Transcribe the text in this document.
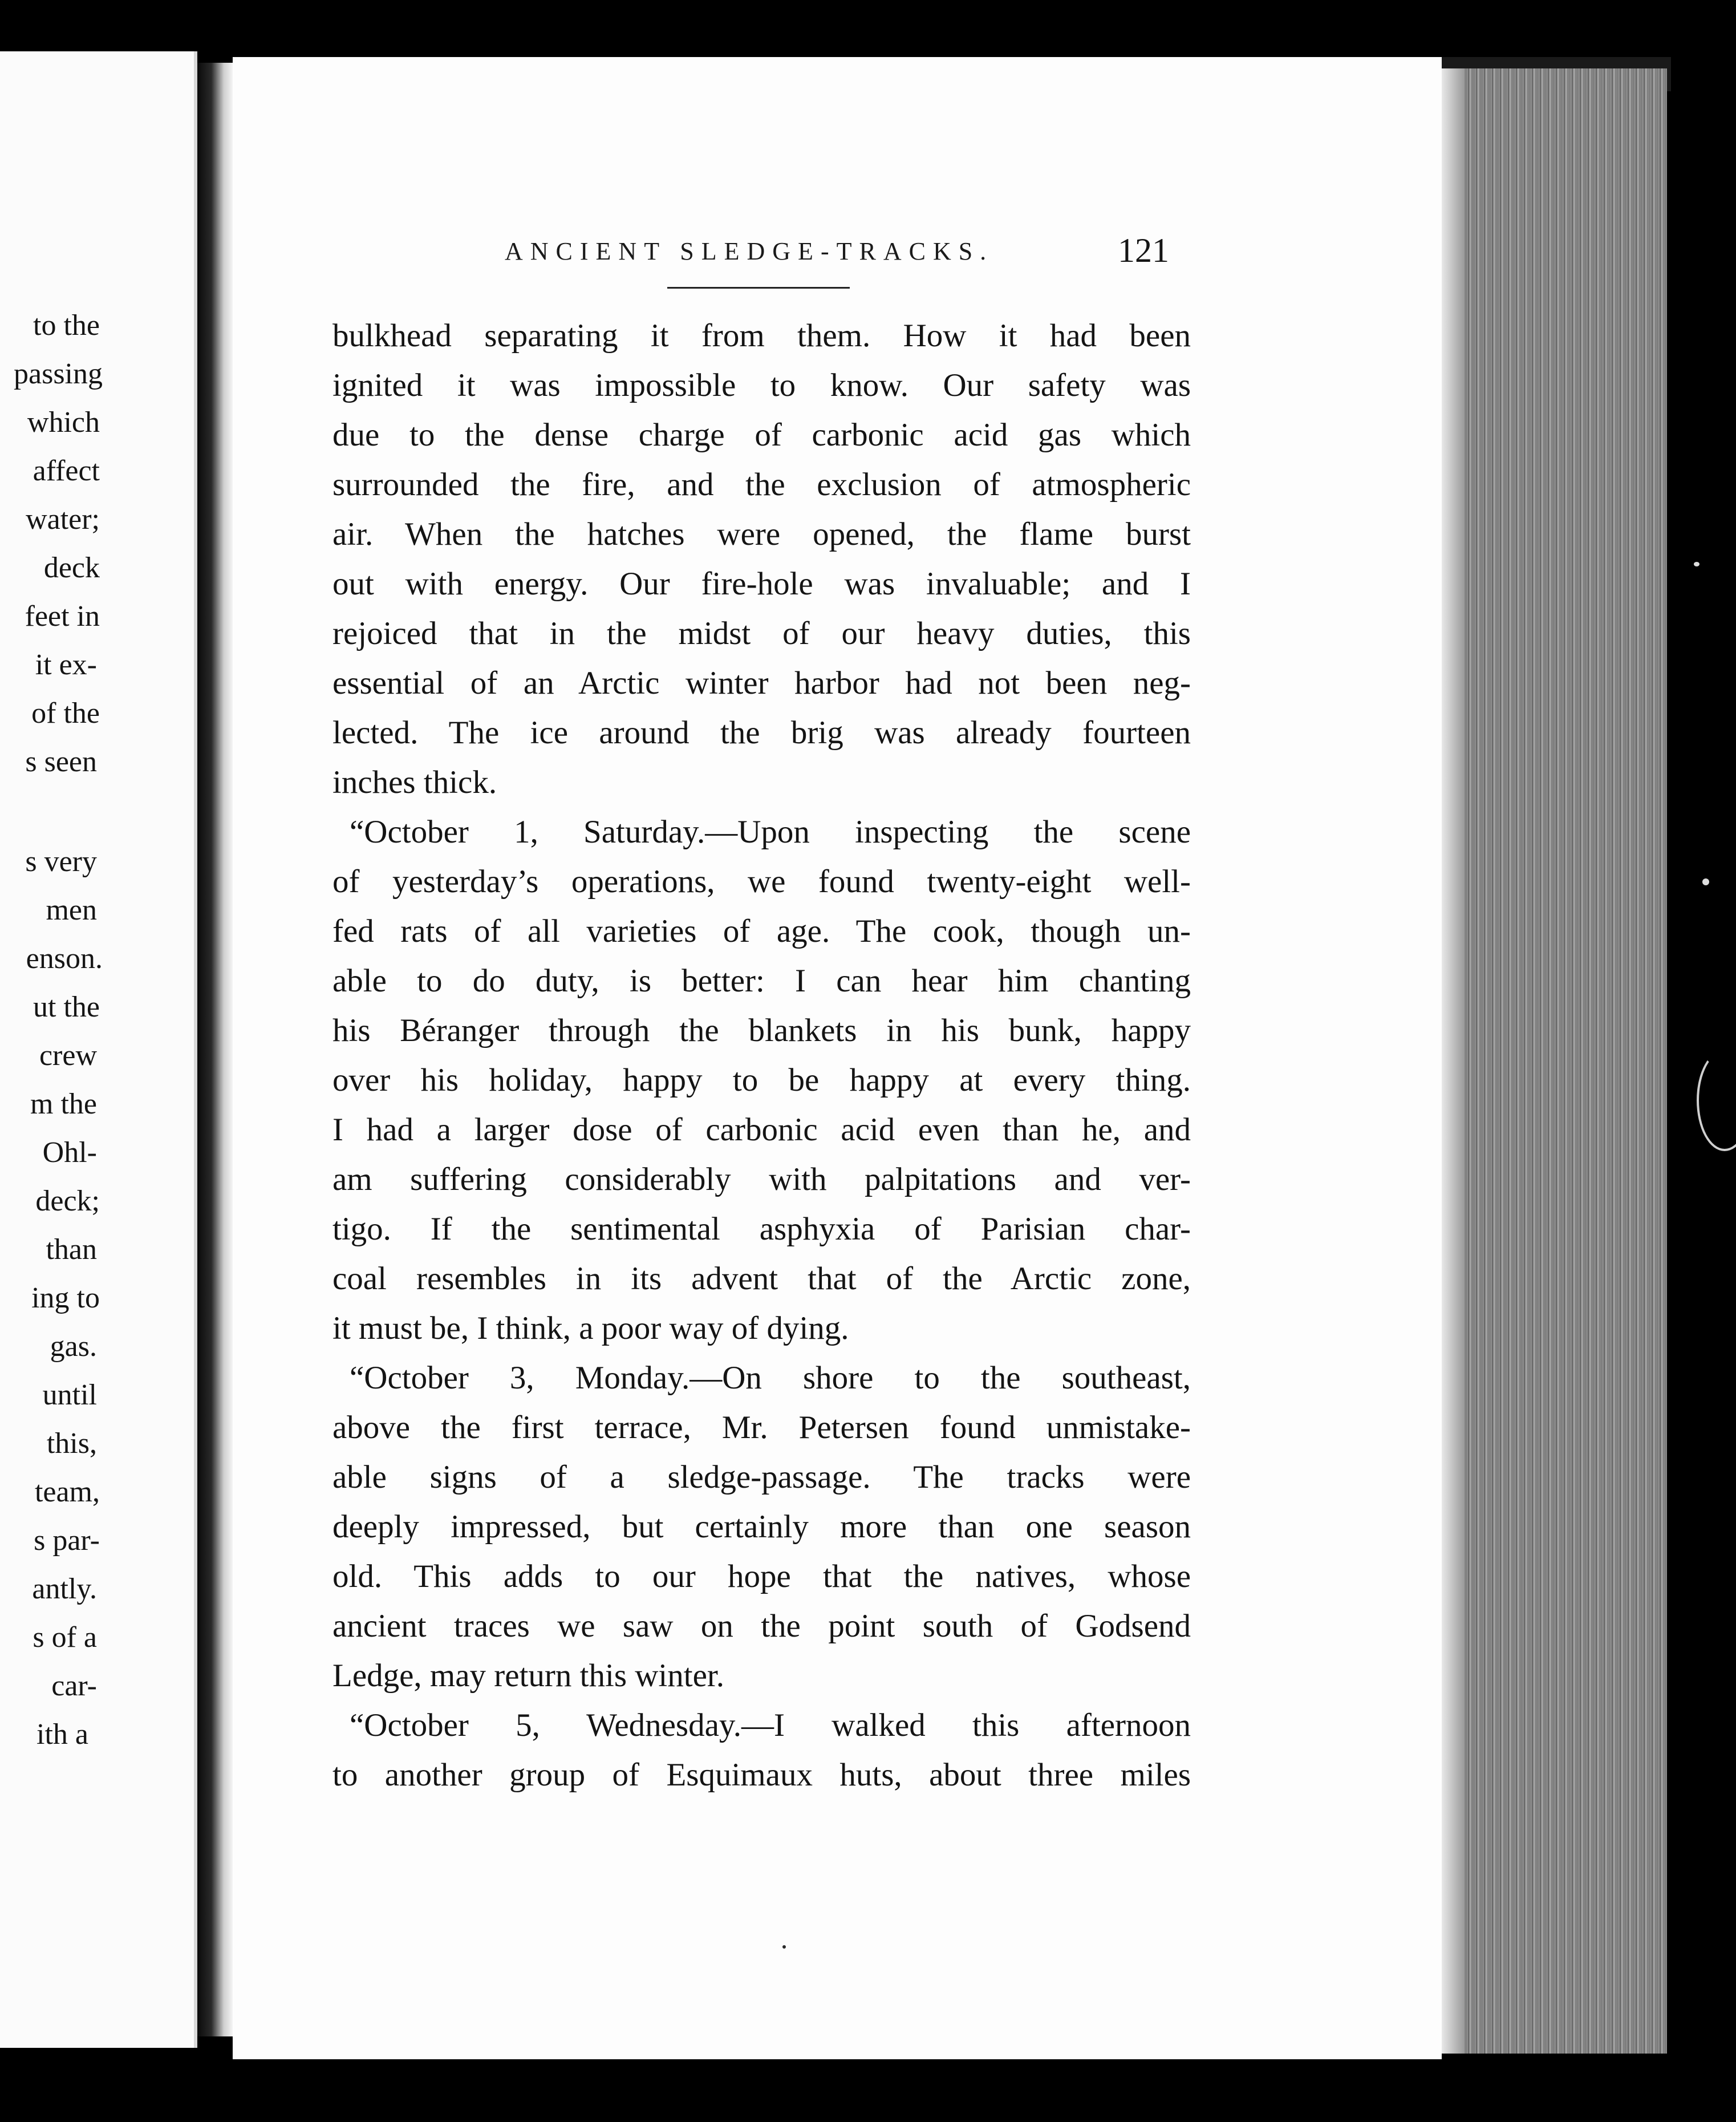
to the
passing
which
affect
water;
deck
feet in
it ex-
of the
s seen
s very
men
enson.
ut the
crew
m the
Ohl-
deck;
than
ing to
gas.
until
this,
team,
s par-
antly.
s of a
car-
ith a
ANCIENT SLEDGE-TRACKS.	121
bulkhead separating it from them. How it had been
ignited it was impossible to know. Our safety was
due to the dense charge of carbonic acid gas which
surrounded the fire, and the exclusion of atmospheric
air. When the hatches were opened, the flame burst
out with energy. Our fire-hole was invaluable; and I
rejoiced that in the midst of our heavy duties, this
essential of an Arctic winter harbor had not been neg-
lected. The ice around the brig was already fourteen
inches thick.
“October 1, Saturday.—Upon inspecting the scene
of yesterday’s operations, we found twenty-eight well-
fed rats of all varieties of age. The cook, though un-
able to do duty, is better: I can hear him chanting
his Béranger through the blankets in his bunk, happy
over his holiday, happy to be happy at every thing.
I had a larger dose of carbonic acid even than he, and
am suffering considerably with palpitations and ver-
tigo. If the sentimental asphyxia of Parisian char-
coal resembles in its advent that of the Arctic zone,
it must be, I think, a poor way of dying.
“October 3, Monday.—On shore to the southeast,
above the first terrace, Mr. Petersen found unmistake-
able signs of a sledge-passage. The tracks were
deeply impressed, but certainly more than one season
old. This adds to our hope that the natives, whose
ancient traces we saw on the point south of Godsend
Ledge, may return this winter.
“October 5, Wednesday.—I walked this afternoon
to another group of Esquimaux huts, about three miles
